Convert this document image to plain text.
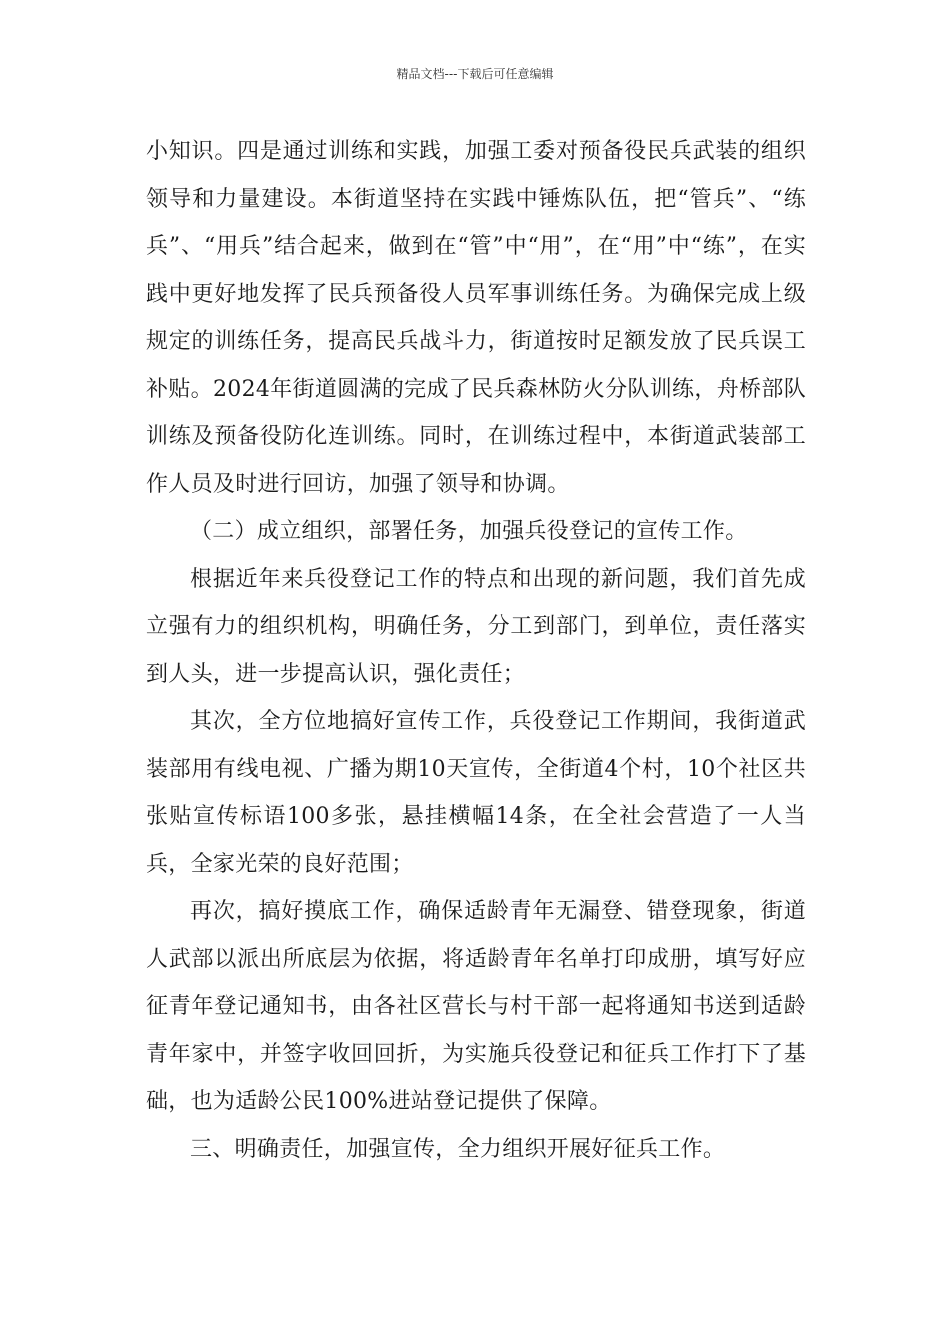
精品文档---下载后可任意编辑

小知识。四是通过训练和实践，加强工委对预备役民兵武装的组织领导和力量建设。本街道坚持在实践中锤炼队伍，把“管兵”、“练兵”、“用兵”结合起来，做到在“管”中“用”，在“用”中“练”，在实践中更好地发挥了民兵预备役人员军事训练任务。为确保完成上级规定的训练任务，提高民兵战斗力，街道按时足额发放了民兵误工补贴。2024年街道圆满的完成了民兵森林防火分队训练，舟桥部队训练及预备役防化连训练。同时，在训练过程中，本街道武装部工作人员及时进行回访，加强了领导和协调。

（二）成立组织，部署任务，加强兵役登记的宣传工作。

根据近年来兵役登记工作的特点和出现的新问题，我们首先成立强有力的组织机构，明确任务，分工到部门，到单位，责任落实到人头，进一步提高认识，强化责任；

其次，全方位地搞好宣传工作，兵役登记工作期间，我街道武装部用有线电视、广播为期10天宣传，全街道4个村，10个社区共张贴宣传标语100多张，悬挂横幅14条，在全社会营造了一人当兵，全家光荣的良好范围；

再次，搞好摸底工作，确保适龄青年无漏登、错登现象，街道人武部以派出所底层为依据，将适龄青年名单打印成册，填写好应征青年登记通知书，由各社区营长与村干部一起将通知书送到适龄青年家中，并签字收回回折，为实施兵役登记和征兵工作打下了基础，也为适龄公民100%进站登记提供了保障。

三、明确责任，加强宣传，全力组织开展好征兵工作。
